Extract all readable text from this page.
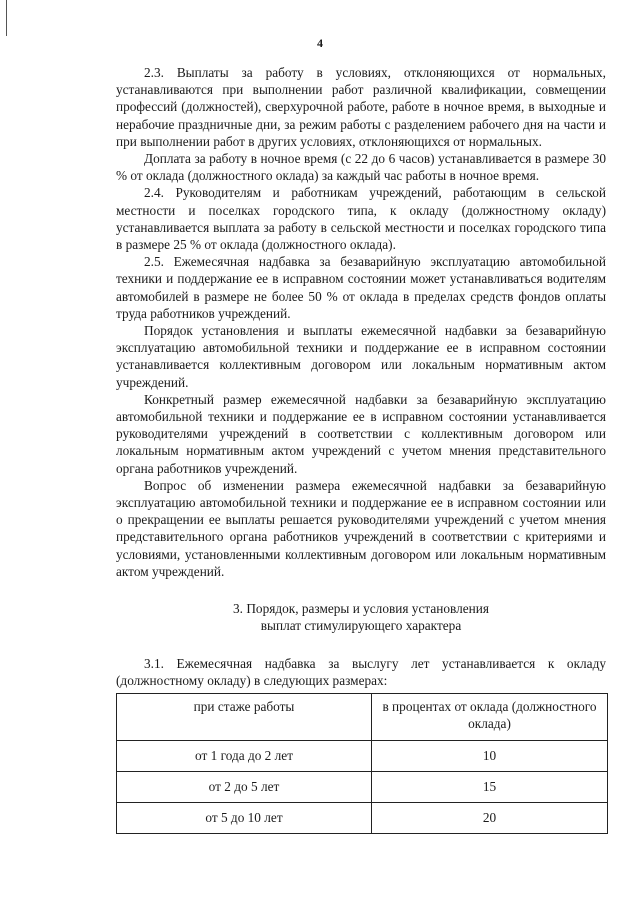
4

2.3. Выплаты за работу в условиях, отклоняющихся от нормальных, устанавливаются при выполнении работ различной квалификации, совмещении профессий (должностей), сверхурочной работе, работе в ночное время, в выходные и нерабочие праздничные дни, за режим работы с разделением рабочего дня на части и при выполнении работ в других условиях, отклоняющихся от нормальных.

Доплата за работу в ночное время (с 22 до 6 часов) устанавливается в размере 30 % от оклада (должностного оклада) за каждый час работы в ночное время.

2.4. Руководителям и работникам учреждений, работающим в сельской местности и поселках городского типа, к окладу (должностному окладу) устанавливается выплата за работу в сельской местности и поселках городского типа в размере 25 % от оклада (должностного оклада).

2.5. Ежемесячная надбавка за безаварийную эксплуатацию автомобильной техники и поддержание ее в исправном состоянии может устанавливаться водителям автомобилей в размере не более 50 % от оклада в пределах средств фондов оплаты труда работников учреждений.

Порядок установления и выплаты ежемесячной надбавки за безаварийную эксплуатацию автомобильной техники и поддержание ее в исправном состоянии устанавливается коллективным договором или локальным нормативным актом учреждений.

Конкретный размер ежемесячной надбавки за безаварийную эксплуатацию автомобильной техники и поддержание ее в исправном состоянии устанавливается руководителями учреждений в соответствии с коллективным договором или локальным нормативным актом учреждений с учетом мнения представительного органа работников учреждений.

Вопрос об изменении размера ежемесячной надбавки за безаварийную эксплуатацию автомобильной техники и поддержание ее в исправном состоянии или о прекращении ее выплаты решается руководителями учреждений с учетом мнения представительного органа работников учреждений в соответствии с критериями и условиями, установленными коллективным договором или локальным нормативным актом учреждений.

3. Порядок, размеры и условия установления
выплат стимулирующего характера

3.1. Ежемесячная надбавка за выслугу лет устанавливается к окладу (должностному окладу) в следующих размерах:

при стаже работы	в процентах от оклада (должностного оклада)
от 1 года до 2 лет	10
от 2 до 5 лет	15
от 5 до 10 лет	20
